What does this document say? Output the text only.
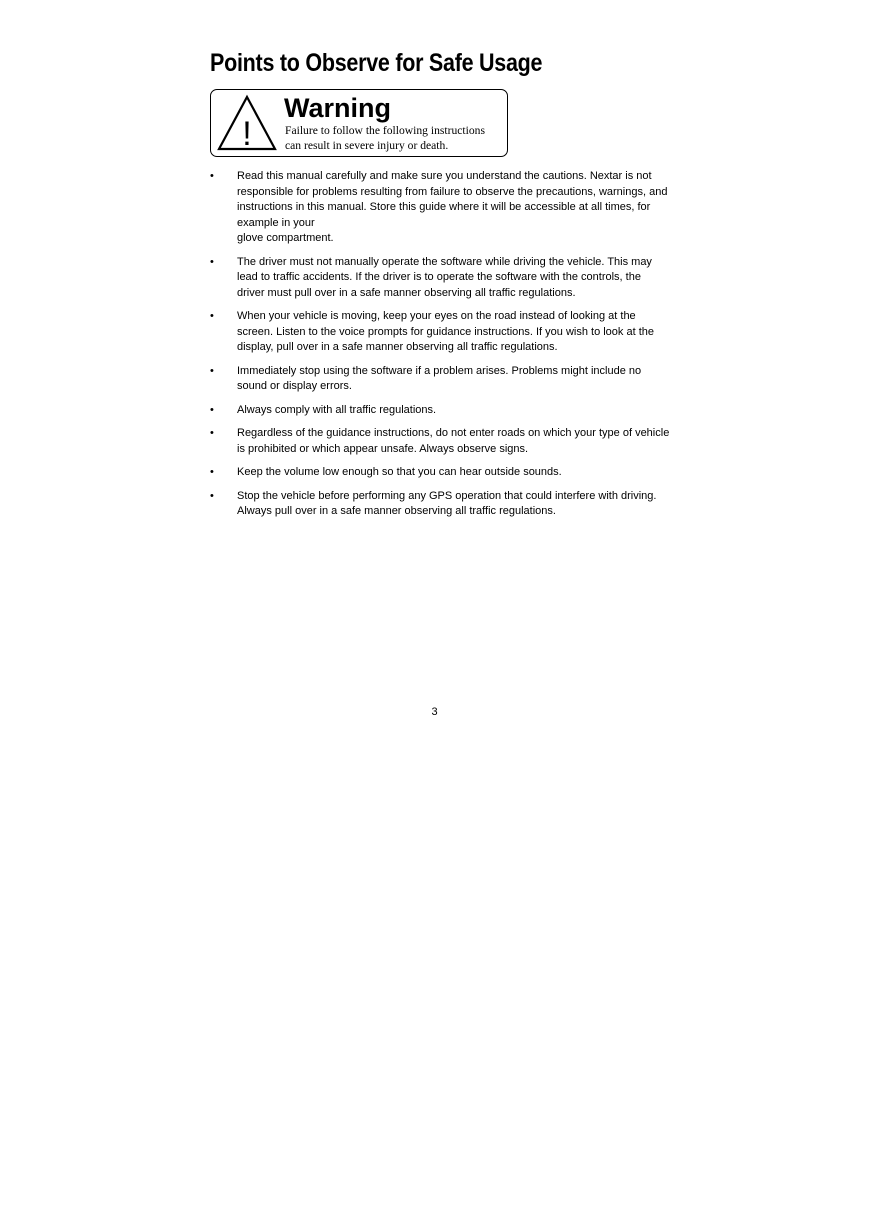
Points to Observe for Safe Usage
!
Warning
Failure to follow the following instructions
can result in severe injury or death.
• Read this manual carefully and make sure you understand the cautions. Nextar is not responsible for problems resulting from failure to observe the precautions, warnings, and instructions in this manual. Store this guide where it will be accessible at all times, for example in your
glove compartment.
• The driver must not manually operate the software while driving the vehicle. This may lead to traffic accidents. If the driver is to operate the software with the controls, the driver must pull over in a safe manner observing all traffic regulations.
• When your vehicle is moving, keep your eyes on the road instead of looking at the screen. Listen to the voice prompts for guidance instructions. If you wish to look at the display, pull over in a safe manner observing all traffic regulations.
• Immediately stop using the software if a problem arises. Problems might include no sound or display errors.
• Always comply with all traffic regulations.
• Regardless of the guidance instructions, do not enter roads on which your type of vehicle is prohibited or which appear unsafe. Always observe signs.
• Keep the volume low enough so that you can hear outside sounds.
• Stop the vehicle before performing any GPS operation that could interfere with driving. Always pull over in a safe manner observing all traffic regulations.
3
